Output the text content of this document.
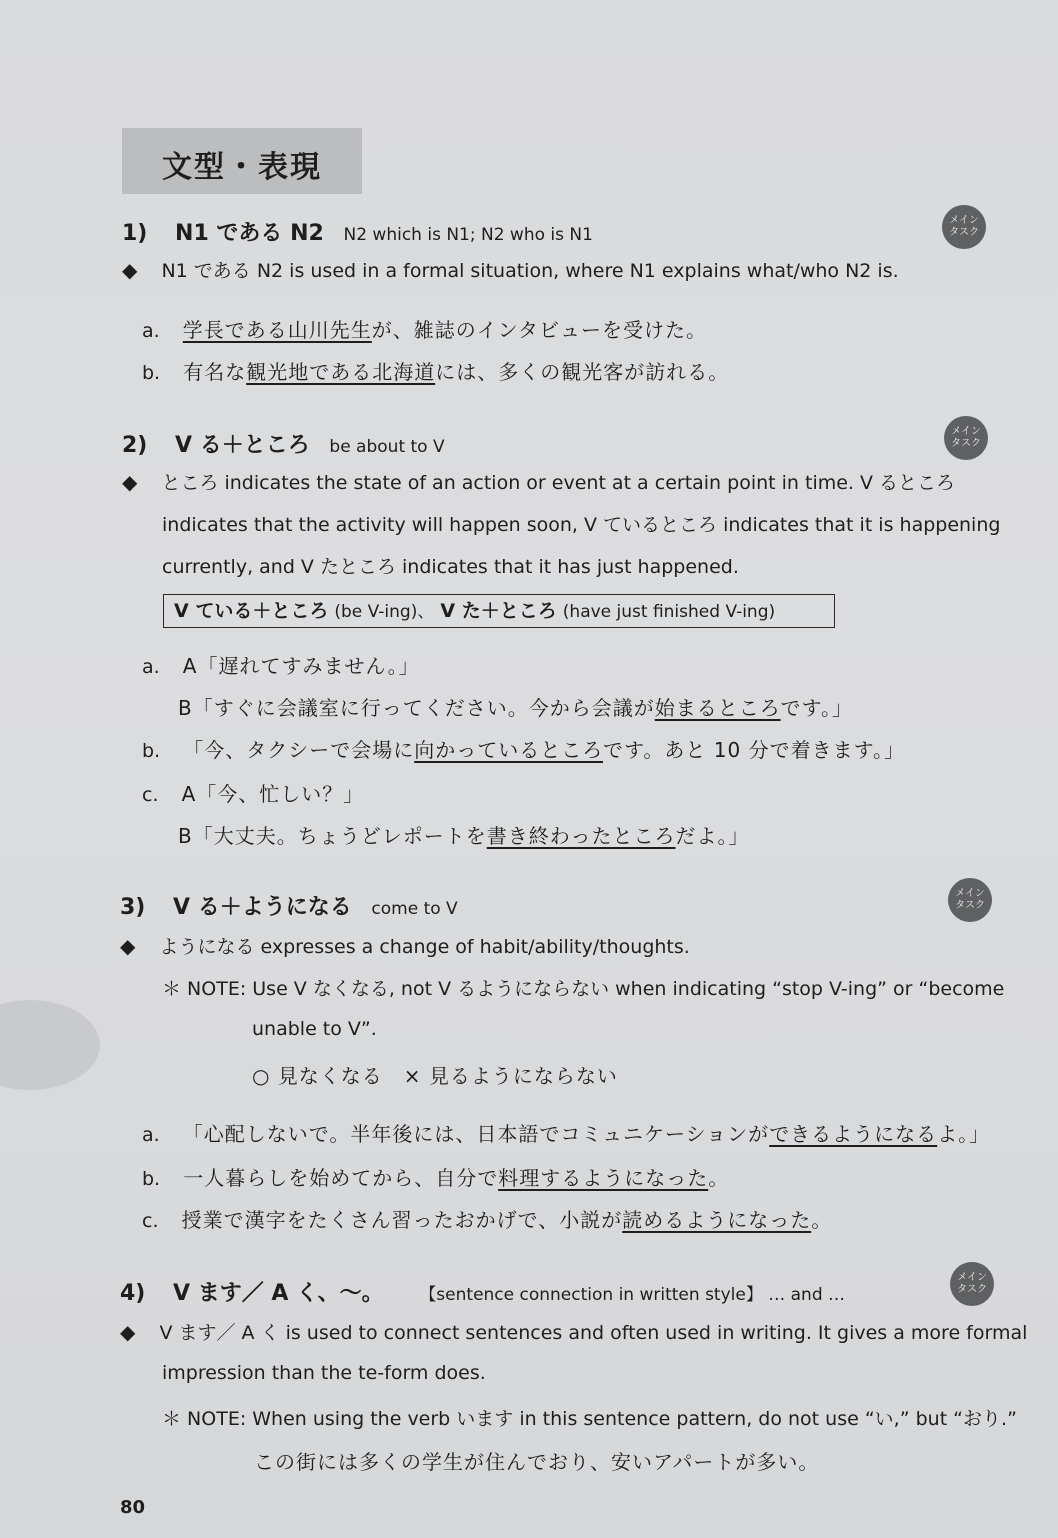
文型・表現
1) N1 である N2 N2 which is N1; N2 who is N1
メイン
タスク
◆ N1 である N2 is used in a formal situation, where N1 explains what/who N2 is.
a. 学長である山川先生が、雑誌のインタビューを受けた。
b. 有名な観光地である北海道には、多くの観光客が訪れる。
2) V る＋ところ be about to V
メイン
タスク
◆ ところ indicates the state of an action or event at a certain point in time. V るところ
indicates that the activity will happen soon, V ているところ indicates that it is happening
currently, and V たところ indicates that it has just happened.
V ている＋ところ (be V-ing)、 V た＋ところ (have just finished V-ing)
a. A「遅れてすみません。」
B「すぐに会議室に行ってください。今から会議が始まるところです。」
b. 「今、タクシーで会場に向かっているところです。あと 10 分で着きます。」
c. A「今、忙しい？」
B「大丈夫。ちょうどレポートを書き終わったところだよ。」
3) V る＋ようになる come to V
メイン
タスク
◆ ようになる expresses a change of habit/ability/thoughts.
＊ NOTE: Use V なくなる, not V るようにならない when indicating “stop V-ing” or “become
unable to V”.
○ 見なくなる　× 見るようにならない
a. 「心配しないで。半年後には、日本語でコミュニケーションができるようになるよ。」
b. 一人暮らしを始めてから、自分で料理するようになった。
c. 授業で漢字をたくさん習ったおかげで、小説が読めるようになった。
4) V ます／ A く、〜。 【sentence connection in written style】 … and …
メイン
タスク
◆ V ます／ A く is used to connect sentences and often used in writing. It gives a more formal
impression than the te-form does.
＊ NOTE: When using the verb います in this sentence pattern, do not use “い,” but “おり.”
この街には多くの学生が住んでおり、安いアパートが多い。
80
